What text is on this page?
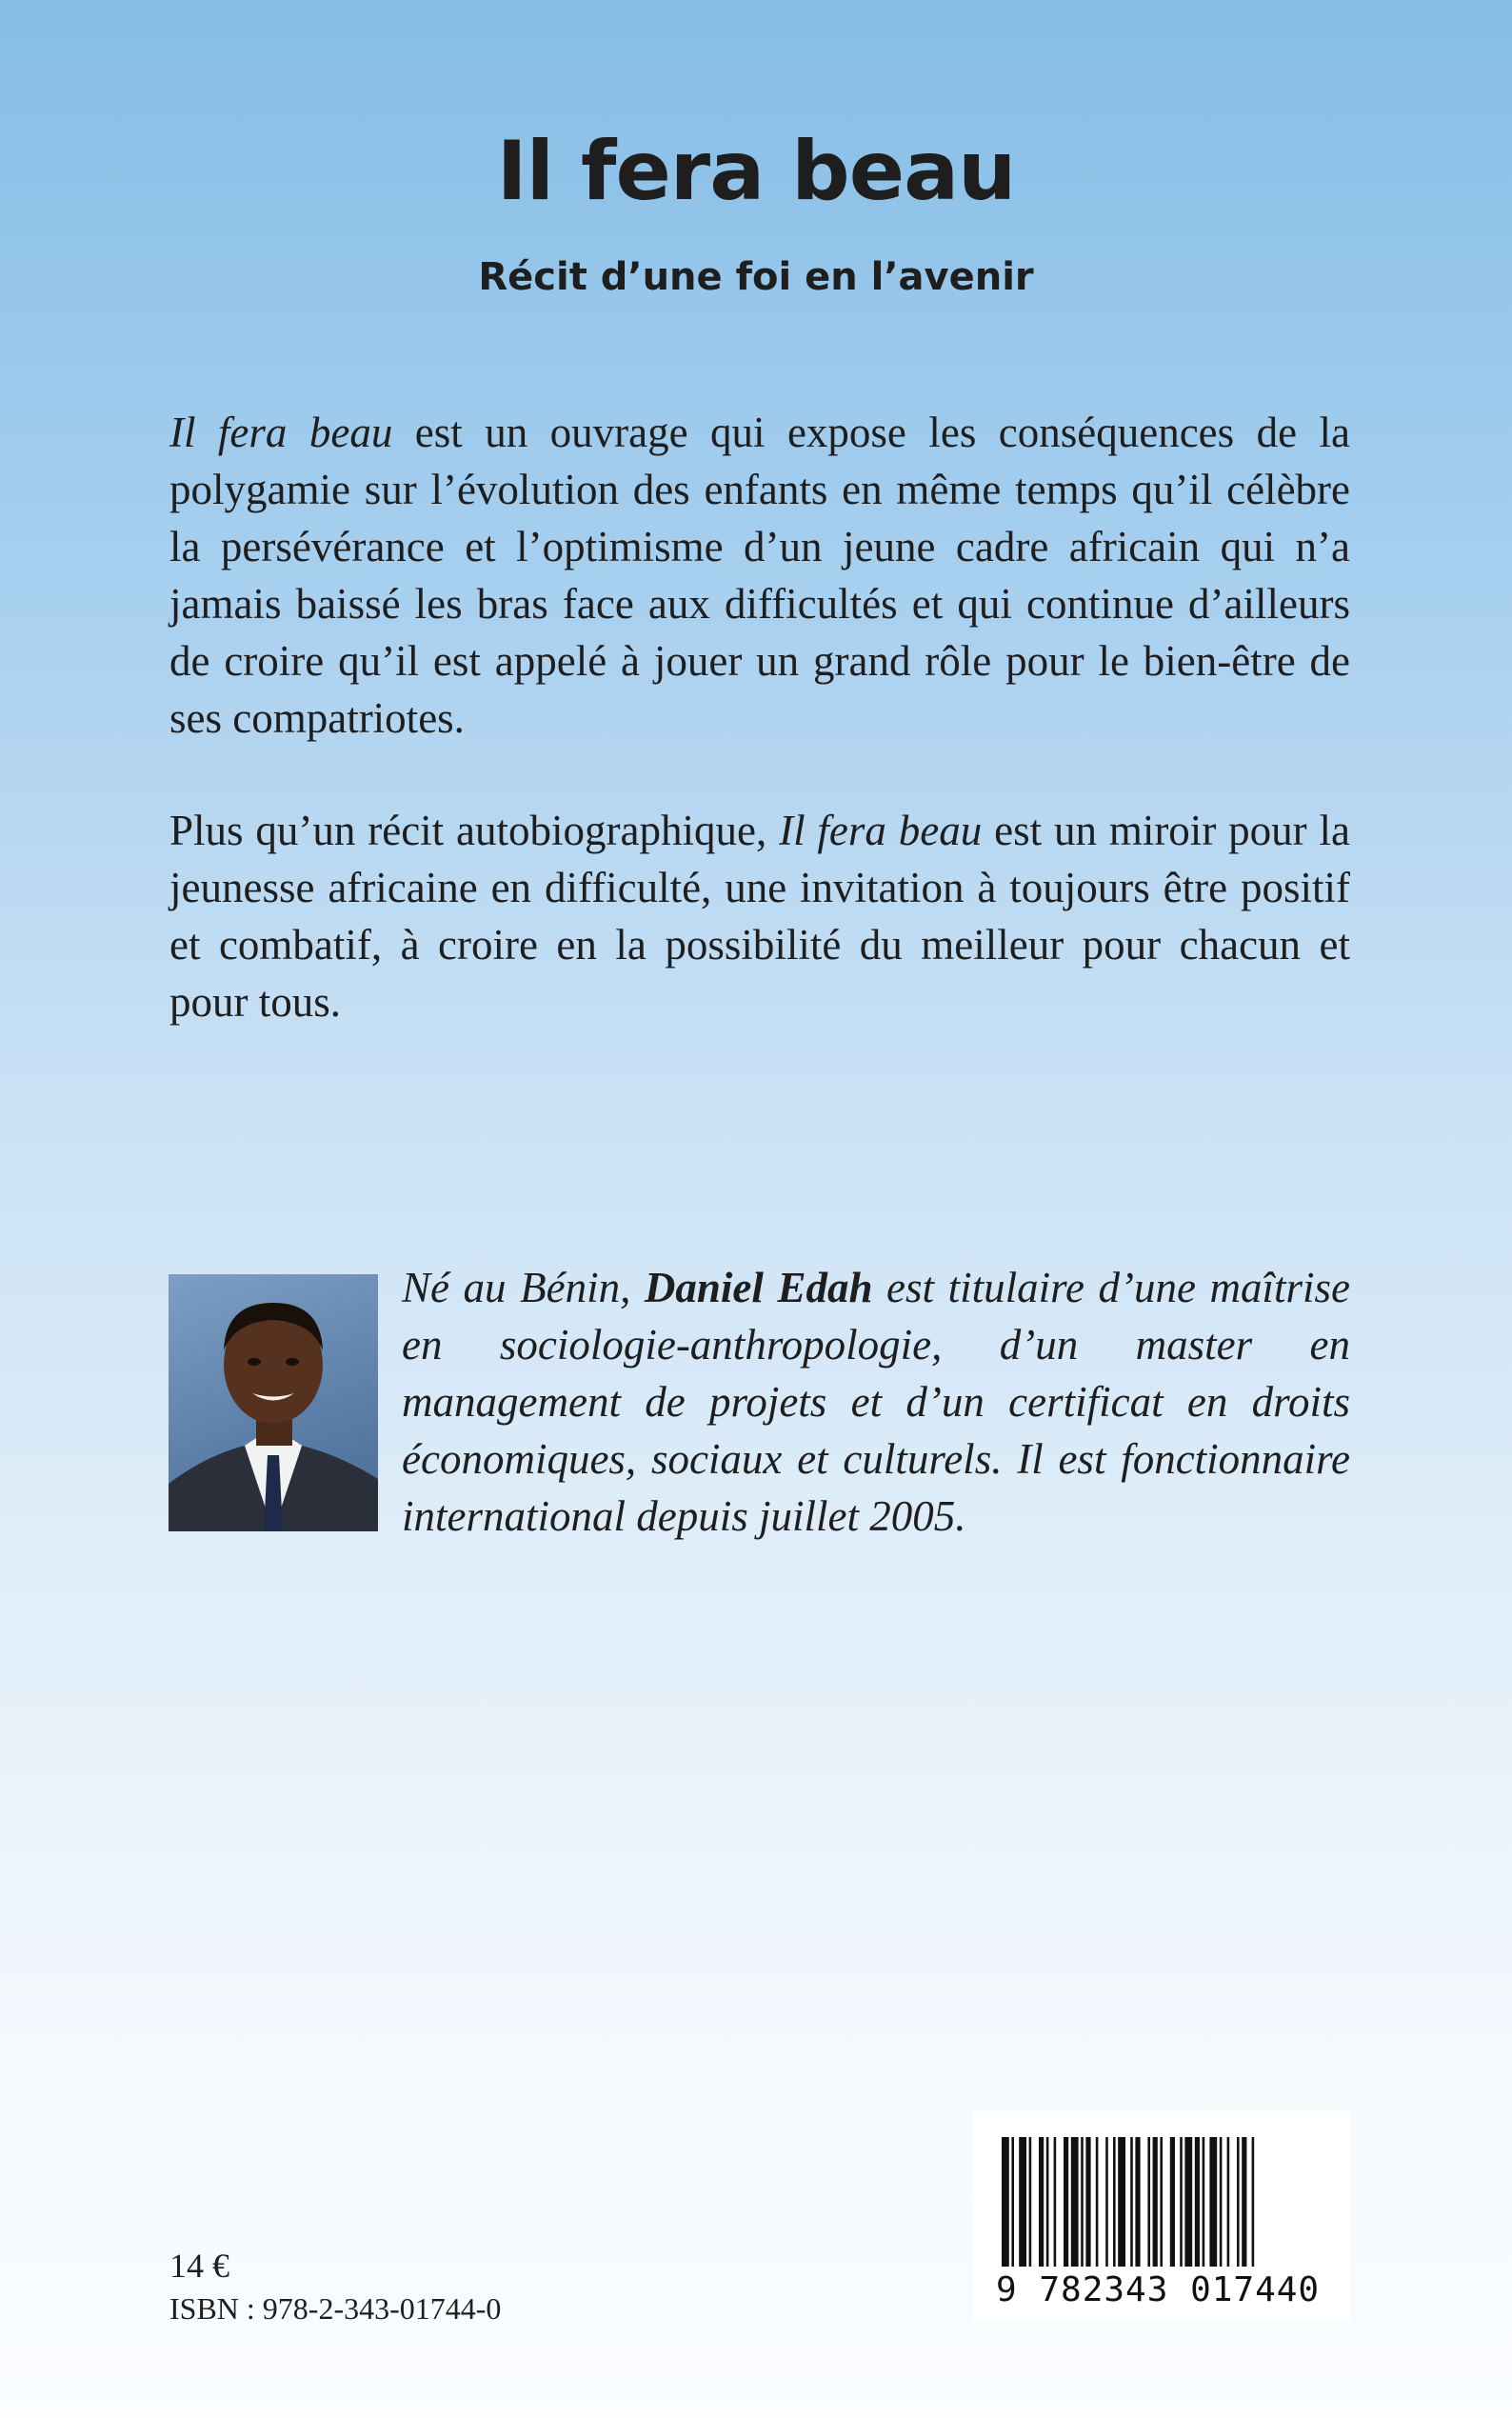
Il fera beau
Récit d’une foi en l’avenir

Il fera beau est un ouvrage qui expose les conséquences de la polygamie sur l’évolution des enfants en même temps qu’il célèbre la persévérance et l’optimisme d’un jeune cadre africain qui n’a jamais baissé les bras face aux difficultés et qui continue d’ailleurs de croire qu’il est appelé à jouer un grand rôle pour le bien-être de ses compatriotes.

Plus qu’un récit autobiographique, Il fera beau est un miroir pour la jeunesse africaine en difficulté, une invitation à toujours être positif et combatif, à croire en la possibilité du meilleur pour chacun et pour tous.

Né au Bénin, Daniel Edah est titulaire d’une maîtrise en sociologie-anthropologie, d’un master en management de projets et d’un certificat en droits économiques, sociaux et culturels. Il est fonctionnaire international depuis juillet 2005.

14 €
ISBN : 978-2-343-01744-0	9 782343 017440
